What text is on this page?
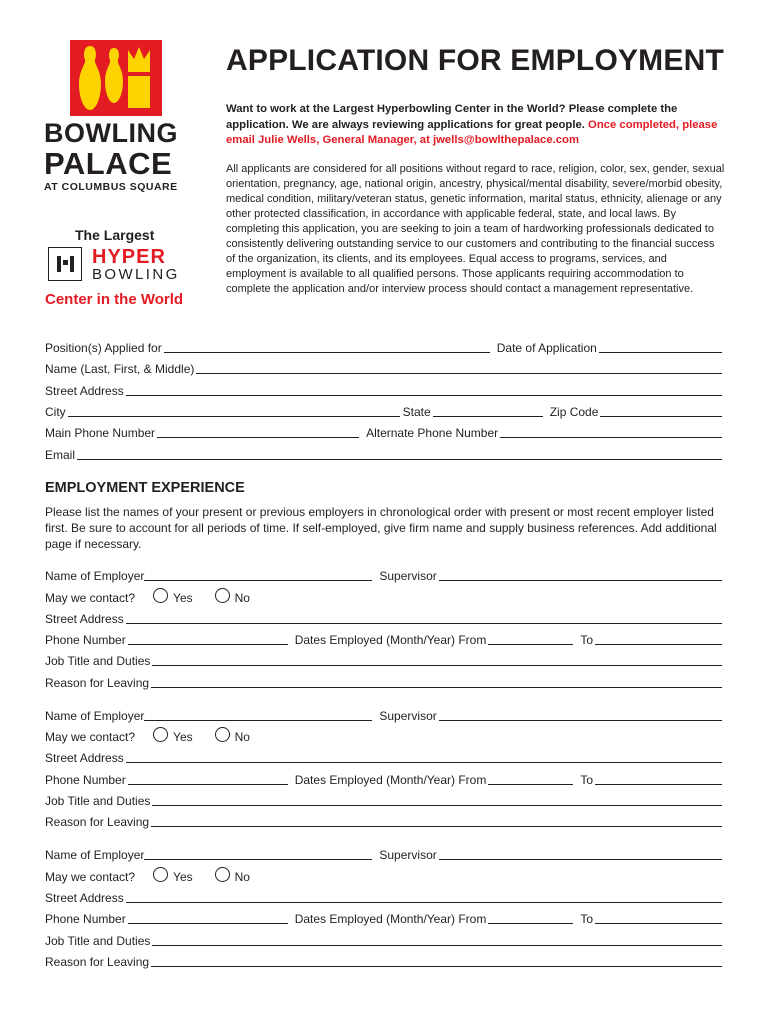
BOWLING
PALACE
AT COLUMBUS SQUARE
The Largest
HYPER
BOWLING
Center in the World
APPLICATION FOR EMPLOYMENT
Want to work at the Largest Hyperbowling Center in the World? Please complete the application. We are always reviewing applications for great people. Once completed, please email Julie Wells, General Manager, at jwells@bowlthepalace.com
All applicants are considered for all positions without regard to race, religion, color, sex, gender, sexual orientation, pregnancy, age, national origin, ancestry, physical/mental disability, severe/morbid obesity, medical condition, military/veteran status, genetic information, marital status, ethnicity, alienage or any other protected classification, in accordance with applicable federal, state, and local laws. By completing this application, you are seeking to join a team of hardworking professionals dedicated to consistently delivering outstanding service to our customers and contributing to the financial success of the organization, its clients, and its employees. Equal access to programs, services, and employment is available to all qualified persons. Those applicants requiring accommodation to complete the application and/or interview process should contact a management representative.
Position(s) Applied for	Date of Application
Name (Last, First, & Middle)
Street Address
City	State	Zip Code
Main Phone Number	Alternate Phone Number
Email
EMPLOYMENT EXPERIENCE
Please list the names of your present or previous employers in chronological order with present or most recent employer listed first. Be sure to account for all periods of time. If self-employed, give firm name and supply business references. Add additional page if necessary.
Name of Employer	Supervisor
May we contact?	Yes	No
Street Address
Phone Number	Dates Employed (Month/Year) From	To
Job Title and Duties
Reason for Leaving
Name of Employer	Supervisor
May we contact?	Yes	No
Street Address
Phone Number	Dates Employed (Month/Year) From	To
Job Title and Duties
Reason for Leaving
Name of Employer	Supervisor
May we contact?	Yes	No
Street Address
Phone Number	Dates Employed (Month/Year) From	To
Job Title and Duties
Reason for Leaving
